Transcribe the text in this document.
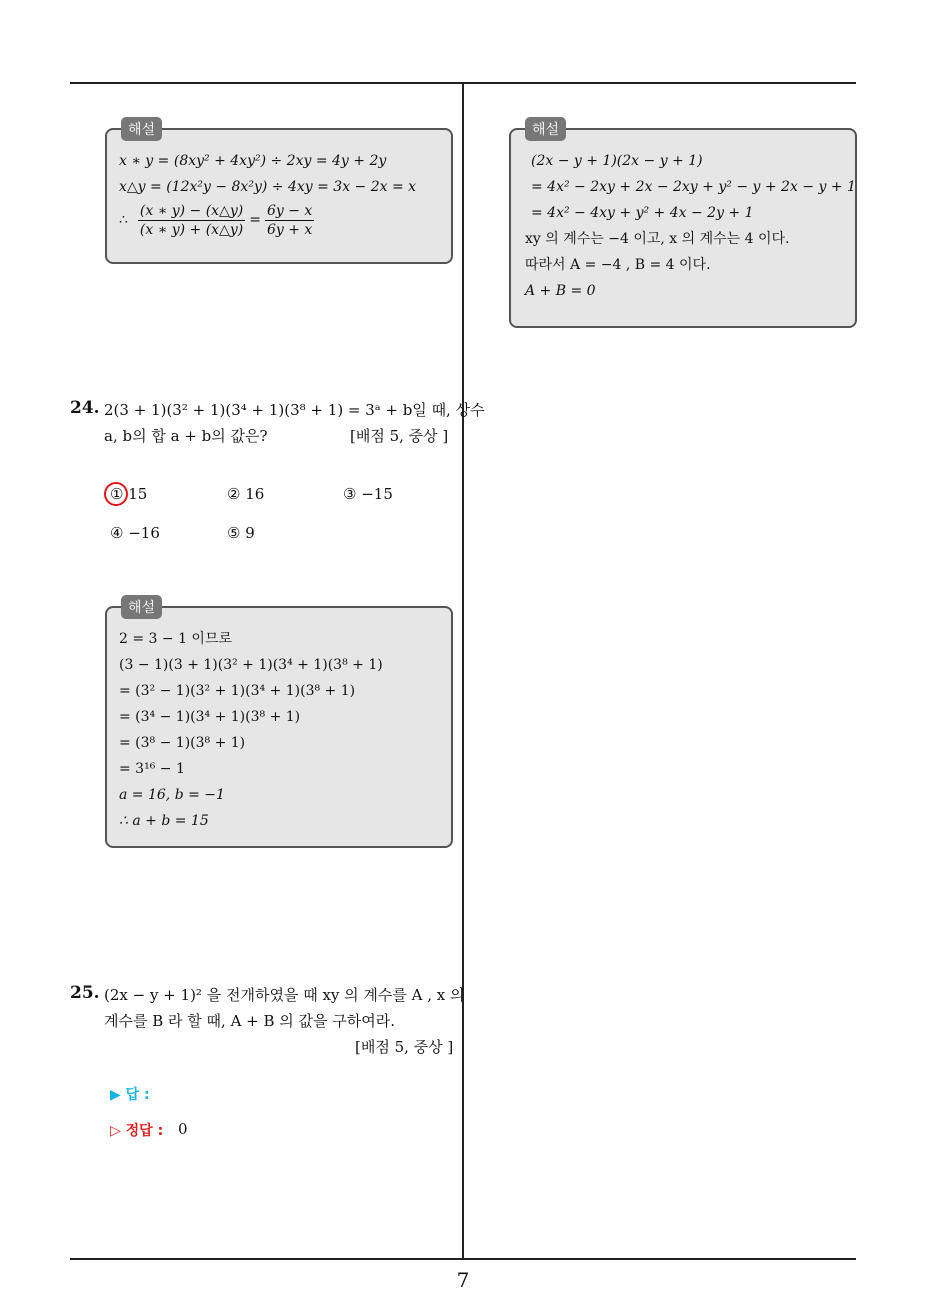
해설
x ∗ y = (8xy² + 4xy²) ÷ 2xy = 4y + 2y
x△y = (12x²y − 8x²y) ÷ 4xy = 3x − 2x = x
∴ $\frac{(x ∗ y) - (x\triangle y)}{(x ∗ y) + (x\triangle y)} = \frac{6y - x}{6y + x}$
해설
(2x − y + 1)(2x − y + 1)
= 4x² − 2xy + 2x − 2xy + y² − y + 2x − y + 1
= 4x² − 4xy + y² + 4x − 2y + 1
xy 의 계수는 −4 이고, x 의 계수는 4 이다.
따라서 A = −4 , B = 4 이다.
A + B = 0
24. 2(3 + 1)(3² + 1)(3⁴ + 1)(3⁸ + 1) = 3ᵃ + b일 때, 상수
a, b의 합 a + b의 값은?	[배점 5, 중상 ]
① 15	② 16	③ −15
④ −16	⑤ 9
해설
2 = 3 − 1 이므로
(3 − 1)(3 + 1)(3² + 1)(3⁴ + 1)(3⁸ + 1)
= (3² − 1)(3² + 1)(3⁴ + 1)(3⁸ + 1)
= (3⁴ − 1)(3⁴ + 1)(3⁸ + 1)
= (3⁸ − 1)(3⁸ + 1)
= 3¹⁶ − 1
a = 16, b = −1
∴ a + b = 15
25. (2x − y + 1)² 을 전개하였을 때 xy 의 계수를 A , x 의
계수를 B 라 할 때, A + B 의 값을 구하여라.
[배점 5, 중상 ]
▶ 답 :
▷ 정답 : 0
7
